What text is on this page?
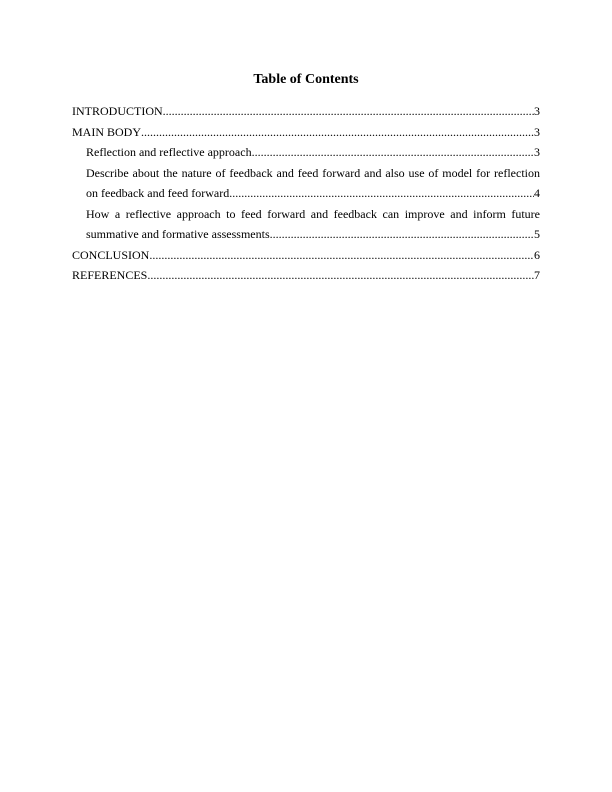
Table of Contents
INTRODUCTION .....	3
MAIN BODY .....	3
Reflection and reflective approach .....	3
Describe about the nature of feedback and feed forward and also use of model for reflection
on feedback and feed forward .....	4
How a reflective approach to feed forward and feedback can improve and inform future
summative and formative assessments .....	5
CONCLUSION .....	6
REFERENCES .....	7
